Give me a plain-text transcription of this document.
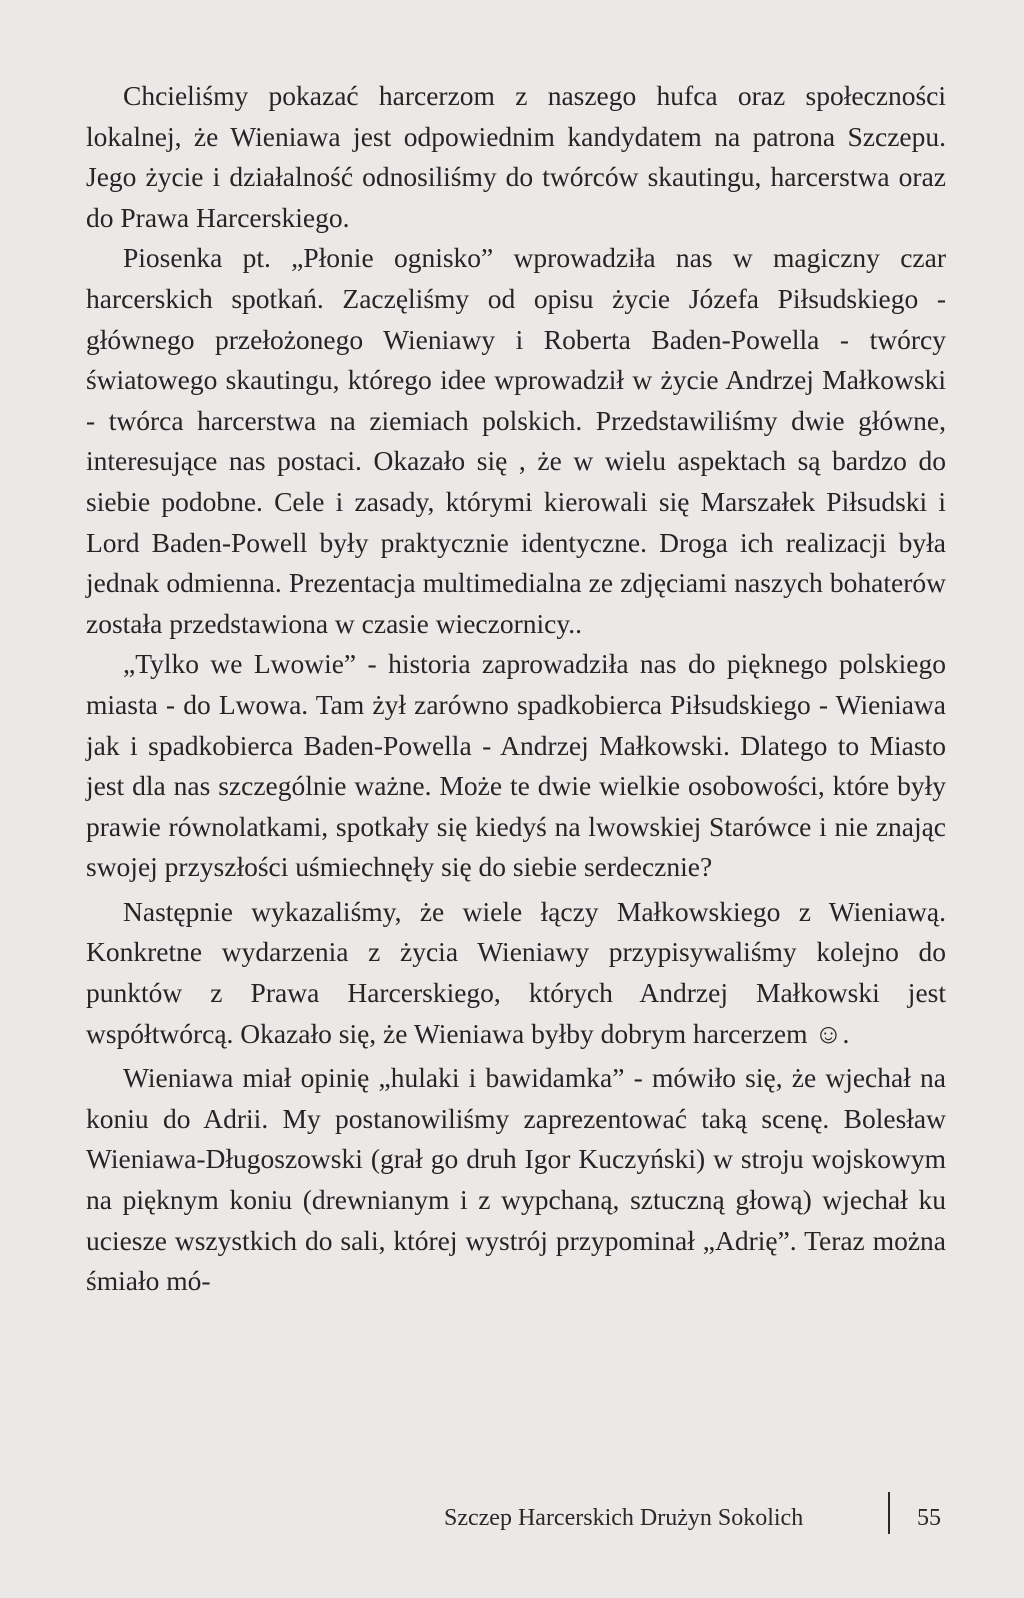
Chcieliśmy pokazać harcerzom z naszego hufca oraz społeczności lokalnej, że Wieniawa jest odpowiednim kandydatem na patrona Szczepu. Jego życie i działalność odnosiliśmy do twórców skautingu, harcerstwa oraz do Prawa Harcerskiego.

Piosenka pt. „Płonie ognisko” wprowadziła nas w magiczny czar harcerskich spotkań. Zaczęliśmy od opisu życie Józefa Piłsudskiego - głównego przełożonego Wieniawy i Roberta Baden-Powella - twórcy światowego skautingu, którego idee wprowadził w życie Andrzej Małkowski - twórca harcerstwa na ziemiach polskich. Przedstawiliśmy dwie główne, interesujące nas postaci. Okazało się , że w wielu aspektach są bardzo do siebie podobne. Cele i zasady, którymi kierowali się Marszałek Piłsudski i Lord Baden-Powell były praktycznie identyczne. Droga ich realizacji była jednak odmienna. Prezentacja multimedialna ze zdjęciami naszych bohaterów została przedstawiona w czasie wieczornicy..

„Tylko we Lwowie” - historia zaprowadziła nas do pięknego polskiego miasta - do Lwowa. Tam żył zarówno spadkobierca Piłsudskiego - Wieniawa jak i spadkobierca Baden-Powella - Andrzej Małkowski. Dlatego to Miasto jest dla nas szczególnie ważne. Może te dwie wielkie osobowości, które były prawie równolatkami, spotkały się kiedyś na lwowskiej Starówce i nie znając swojej przyszłości uśmiechnęły się do siebie serdecznie?

Następnie wykazaliśmy, że wiele łączy Małkowskiego z Wieniawą. Konkretne wydarzenia z życia Wieniawy przypisywaliśmy kolejno do punktów z Prawa Harcerskiego, których Andrzej Małkowski jest współtwórcą. Okazało się, że Wieniawa byłby dobrym harcerzem ☺.

Wieniawa miał opinię „hulaki i bawidamka” - mówiło się, że wjechał na koniu do Adrii. My postanowiliśmy zaprezentować taką scenę. Bolesław Wieniawa-Długoszowski (grał go druh Igor Kuczyński) w stroju wojskowym na pięknym koniu (drewnianym i z wypchaną, sztuczną głową) wjechał ku uciesze wszystkich do sali, której wystrój przypominał „Adrię”. Teraz można śmiało mó-

Szczep Harcerskich Drużyn Sokolich	55
